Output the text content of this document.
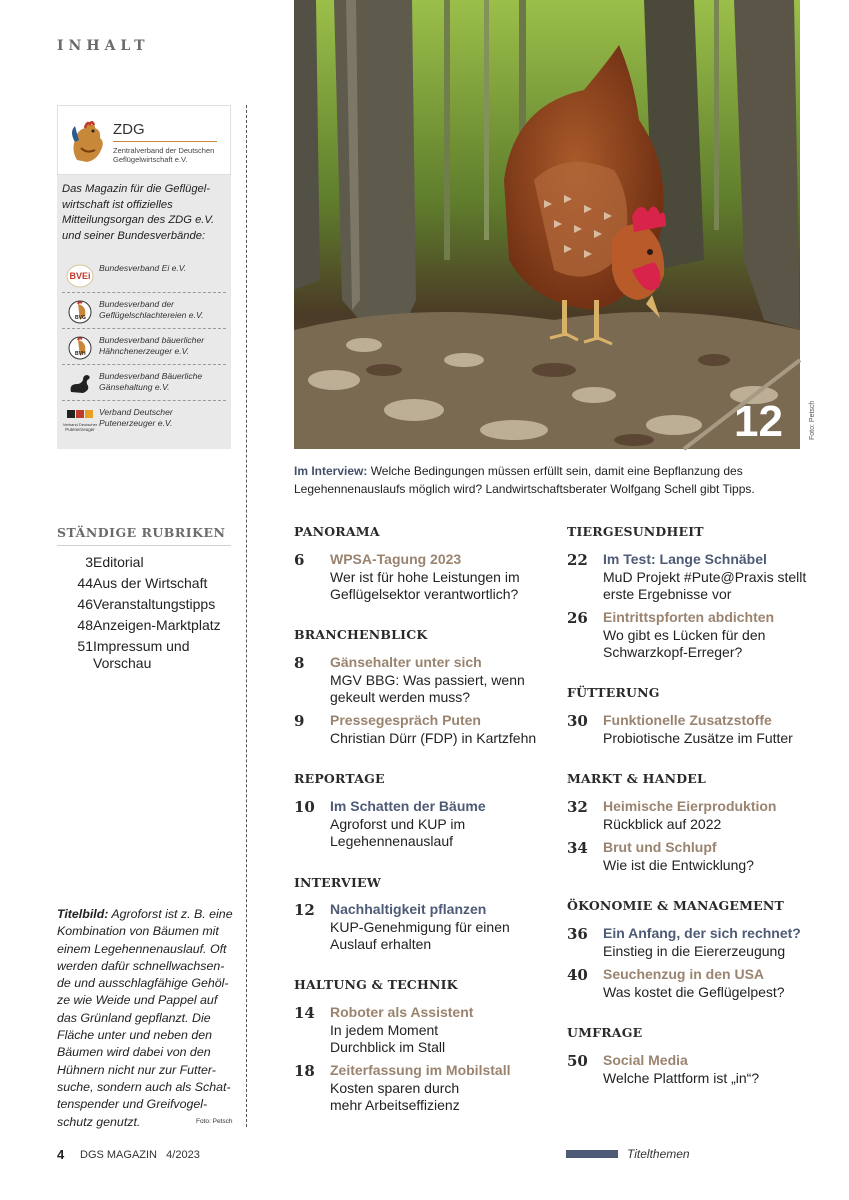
INHALT
ZDG
Zentralverband der Deutschen Geflügelwirtschaft e.V.
Das Magazin für die Geflügel-wirtschaft ist offizielles Mitteilungsorgan des ZDG e.V. und seiner Bundesverbände:
BVEi
Bundesverband Ei e.V.
BVG
Bundesverband der Geflügelschlachtereien e.V.
BVH
Bundesverband bäuerlicher Hähnchenerzeuger e.V.
Bundesverband Bäuerliche Gänsehaltung e.V.
Verband Deutscher
Putenerzeuger
Verband Deutscher Putenerzeuger e.V.
STÄNDIGE RUBRIKEN
3 Editorial
44 Aus der Wirtschaft
46 Veranstaltungstipps
48 Anzeigen-Marktplatz
51 Impressum und Vorschau
Titelbild: Agroforst ist z. B. eine Kombination von Bäumen mit einem Legehennenauslauf. Oft werden dafür schnellwachsen-de und ausschlagfähige Gehöl-ze wie Weide und Pappel auf das Grünland gepflanzt. Die Fläche unter und neben den Bäumen wird dabei von den Hühnern nicht nur zur Futter-suche, sondern auch als Schat-tenspender und Greifvogel-schutz genutzt.	Foto: Petsch
12	Foto: Petsch
Im Interview: Welche Bedingungen müssen erfüllt sein, damit eine Bepflanzung des Legehennenauslaufs möglich wird? Landwirtschaftsberater Wolfgang Schell gibt Tipps.
PANORAMA
6 WPSA-Tagung 2023
Wer ist für hohe Leistungen im Geflügelsektor verantwortlich?
BRANCHENBLICK
8 Gänsehalter unter sich
MGV BBG: Was passiert, wenn gekeult werden muss?
9 Pressegespräch Puten
Christian Dürr (FDP) in Kartzfehn
REPORTAGE
10 Im Schatten der Bäume
Agroforst und KUP im Legehennenauslauf
INTERVIEW
12 Nachhaltigkeit pflanzen
KUP-Genehmigung für einen Auslauf erhalten
HALTUNG & TECHNIK
14 Roboter als Assistent
In jedem Moment Durchblick im Stall
18 Zeiterfassung im Mobilstall
Kosten sparen durch mehr Arbeitseffizienz
TIERGESUNDHEIT
22 Im Test: Lange Schnäbel
MuD Projekt #Pute@Praxis stellt erste Ergebnisse vor
26 Eintrittspforten abdichten
Wo gibt es Lücken für den Schwarzkopf-Erreger?
FÜTTERUNG
30 Funktionelle Zusatzstoffe
Probiotische Zusätze im Futter
MARKT & HANDEL
32 Heimische Eierproduktion
Rückblick auf 2022
34 Brut und Schlupf
Wie ist die Entwicklung?
ÖKONOMIE & MANAGEMENT
36 Ein Anfang, der sich rechnet?
Einstieg in die Eiererzeugung
40 Seuchenzug in den USA
Was kostet die Geflügelpest?
UMFRAGE
50 Social Media
Welche Plattform ist „in“?
4 DGS MAGAZIN   4/2023	Titelthemen
